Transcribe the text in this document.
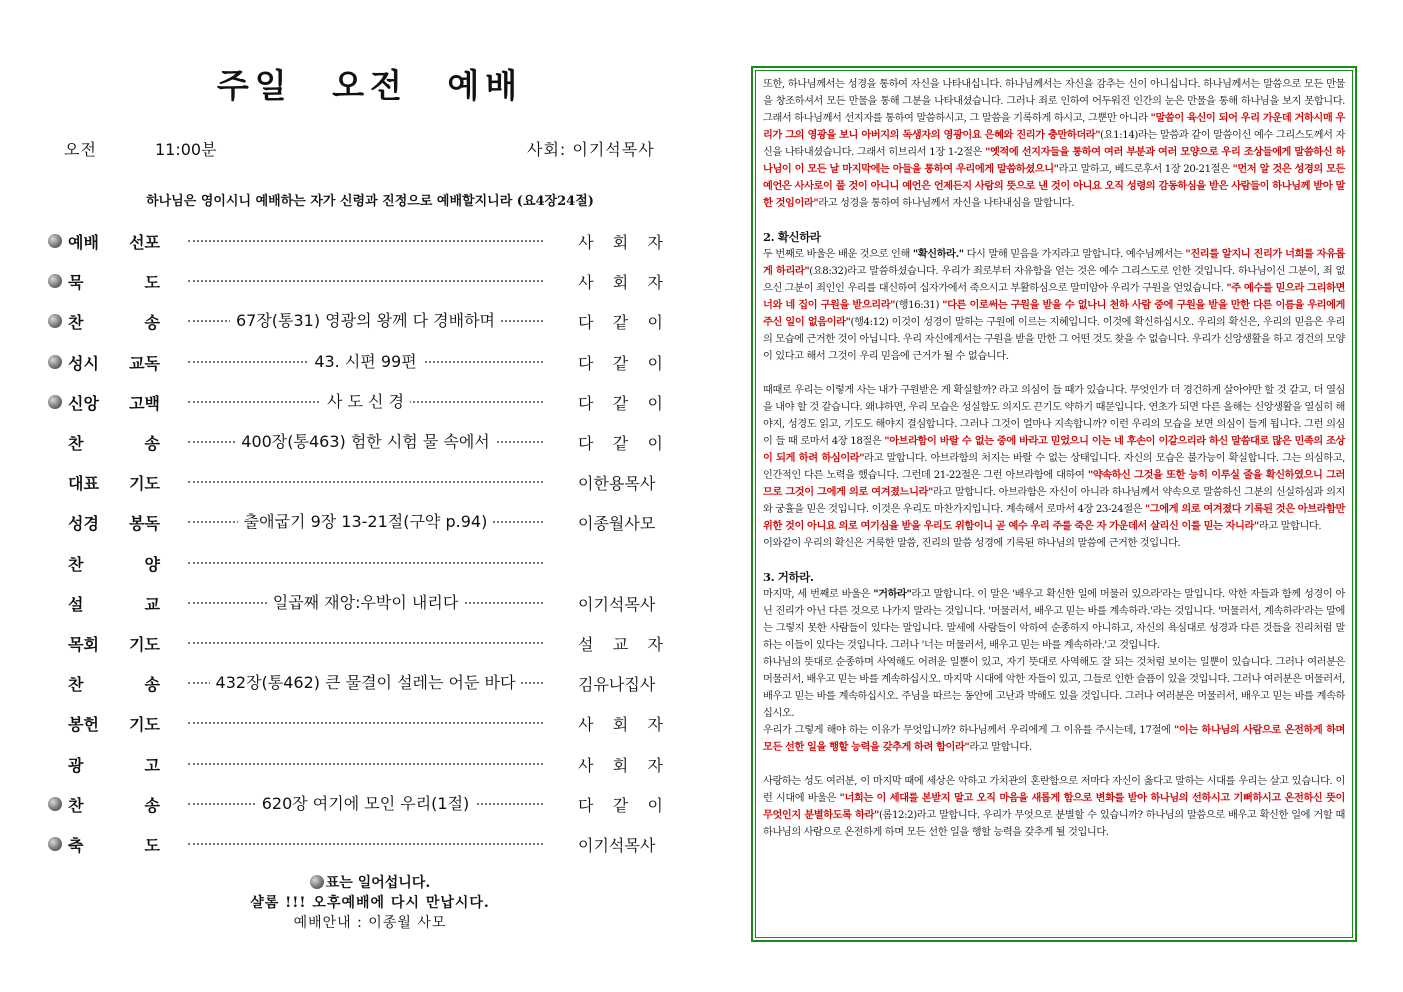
주일 오전 예배
오전	11:00분	사회: 이기석목사
하나님은 영이시니 예배하는 자가 신령과 진정으로 예배할지니라 (요4장24절)
예배 선포	사 회 자
묵	도	사 회 자
찬	송	67장(통31) 영광의 왕께 다 경배하며	다 같 이
성시 교독	43. 시편 99편	다 같 이
신앙 고백	사 도 신 경	다 같 이
찬	송	400장(통463) 험한 시험 물 속에서	다 같 이
대표 기도	이한용목사
성경 봉독	출애굽기 9장 13-21절(구약 p.94)	이종월사모
찬	양
설	교	일곱째 재앙:우박이 내리다	이기석목사
목회 기도	설 교 자
찬	송	432장(통462) 큰 물결이 설레는 어둔 바다	김유나집사
봉헌 기도	사 회 자
광	고	사 회 자
찬	송	620장 여기에 모인 우리(1절)	다 같 이
축	도	이기석목사
표는 일어섭니다.
샬롬 !!! 오후예배에 다시 만납시다.
예배안내 : 이종월 사모

또한, 하나님께서는 성경을 통하여 자신을 나타내십니다. 하나님께서는 자신을 감추는 신이 아니십니다. 하나님께서는 말씀으로 모든 만물을 창조하셔서 모든 만물을 통해 그분을 나타내셨습니다. 그러나 죄로 인하여 어두워진 인간의 눈은 만물을 통해 하나님을 보지 못합니다. 그래서 하나님께서 선지자를 통하여 말씀하시고, 그 말씀을 기록하게 하시고, 그뿐만 아니라 "말씀이 육신이 되어 우리 가운데 거하시매 우리가 그의 영광을 보니 아버지의 독생자의 영광이요 은혜와 진리가 충만하더라"(요1:14)라는 말씀과 같이 말씀이신 예수 그리스도께서 자신을 나타내셨습니다. 그래서 히브리서 1장 1-2절은 "옛적에 선지자들을 통하여 여러 부분과 여러 모양으로 우리 조상들에게 말씀하신 하나님이 이 모든 날 마지막에는 아들을 통하여 우리에게 말씀하셨으니"라고 말하고, 베드로후서 1장 20-21절은 "먼저 알 것은 성경의 모든 예언은 사사로이 풀 것이 아니니 예언은 언제든지 사람의 뜻으로 낸 것이 아니요 오직 성령의 감동하심을 받은 사람들이 하나님께 받아 말한 것임이라"라고 성경을 통하여 하나님께서 자신을 나타내심을 말합니다.

2. 확신하라

두 번째로 바울은 배운 것으로 인해 "확신하라." 다시 말해 믿음을 가지라고 말합니다. 예수님께서는 "진리를 알지니 진리가 너희를 자유롭게 하리라"(요8:32)라고 말씀하셨습니다. 우리가 죄로부터 자유함을 얻는 것은 예수 그리스도로 인한 것입니다. 하나님이신 그분이, 죄 없으신 그분이 죄인인 우리를 대신하여 십자가에서 죽으시고 부활하심으로 말미암아 우리가 구원을 얻었습니다. "주 예수를 믿으라 그리하면 너와 네 집이 구원을 받으리라"(행16:31) "다른 이로써는 구원을 받을 수 없나니 천하 사람 중에 구원을 받을 만한 다른 이름을 우리에게 주신 일이 없음이라"(행4:12) 이것이 성경이 말하는 구원에 이르는 지혜입니다. 이것에 확신하십시오. 우리의 확신은, 우리의 믿음은 우리의 모습에 근거한 것이 아닙니다. 우리 자신에게서는 구원을 받을 만한 그 어떤 것도 찾을 수 없습니다. 우리가 신앙생활을 하고 경건의 모양이 있다고 해서 그것이 우리 믿음에 근거가 될 수 없습니다.

때때로 우리는 이렇게 사는 내가 구원받은 게 확실할까? 라고 의심이 들 때가 있습니다. 무엇인가 더 경건하게 살아야만 할 것 같고, 더 열심을 내야 할 것 같습니다. 왜냐하면, 우리 모습은 성실함도 의지도 끈기도 약하기 때문입니다. 연초가 되면 다른 올해는 신앙생활을 열심히 해야지, 성경도 읽고, 기도도 해야지 결심합니다. 그러나 그것이 얼마나 지속합니까? 이런 우리의 모습을 보면 의심이 들게 됩니다. 그런 의심이 들 때 로마서 4장 18절은 "아브라함이 바랄 수 없는 중에 바라고 믿었으니 이는 네 후손이 이같으리라 하신 말씀대로 많은 민족의 조상이 되게 하려 하심이라"라고 말합니다. 아브라함의 처지는 바랄 수 없는 상태입니다. 자신의 모습은 불가능이 확실합니다. 그는 의심하고, 인간적인 다른 노력을 했습니다. 그런데 21-22절은 그런 아브라함에 대하여 "약속하신 그것을 또한 능히 이루실 줄을 확신하였으니 그러므로 그것이 그에게 의로 여겨졌느니라"라고 말합니다. 아브라함은 자신이 아니라 하나님께서 약속으로 말씀하신 그분의 신실하심과 의지와 궁휼을 믿은 것입니다. 이것은 우리도 마찬가지입니다. 계속해서 로마서 4장 23-24절은 "그에게 의로 여겨졌다 기록된 것은 아브라함만 위한 것이 아니요 의로 여기심을 받을 우리도 위함이니 곧 예수 우리 주를 죽은 자 가운데서 살리신 이를 믿는 자니라"라고 말합니다.

이와같이 우리의 확신은 거룩한 말씀, 진리의 말씀 성경에 기록된 하나님의 말씀에 근거한 것입니다.

3. 거하라.

마지막, 세 번째로 바울은 "거하라"라고 말합니다. 이 말은 '배우고 확신한 일에 머물러 있으라'라는 말입니다. 악한 자들과 함께 성경이 아닌 진리가 아닌 다른 것으로 나가지 말라는 것입니다. '머물러서, 배우고 믿는 바를 계속하라.'라는 것입니다. '머물러서, 계속하라'라는 말에는 그렇지 못한 사람들이 있다는 말입니다. 말세에 사람들이 악하여 순종하지 아니하고, 자신의 욕심대로 성경과 다른 것들을 진리처럼 말하는 이들이 있다는 것입니다. 그러나 '너는 머물러서, 배우고 믿는 바를 계속하라.'고 것입니다.

하나님의 뜻대로 순종하며 사역해도 어려운 일뿐이 있고, 자기 뜻대로 사역해도 잘 되는 것처럼 보이는 일뿐이 있습니다. 그러나 여러분은 머물러서, 배우고 믿는 바를 계속하십시오. 마지막 시대에 악한 자들이 있고, 그들로 인한 슬픔이 있을 것입니다. 그러나 여러분은 머물러서, 배우고 믿는 바를 계속하십시오. 주님을 따르는 동안에 고난과 박해도 있을 것입니다. 그러나 여러분은 머물러서, 배우고 믿는 바를 계속하십시오.

우리가 그렇게 해야 하는 이유가 무엇입니까? 하나님께서 우리에게 그 이유를 주시는데, 17절에 "이는 하나님의 사람으로 온전하게 하며 모든 선한 일을 행할 능력을 갖추게 하려 함이라"라고 말합니다.

사랑하는 성도 여러분, 이 마지막 때에 세상은 악하고 가치관의 혼란함으로 저마다 자신이 옳다고 말하는 시대를 우리는 살고 있습니다. 이런 시대에 바울은 "너희는 이 세대를 본받지 말고 오직 마음을 새롭게 함으로 변화를 받아 하나님의 선하시고 기뻐하시고 온전하신 뜻이 무엇인지 분별하도록 하라"(롬12:2)라고 말합니다. 우리가 무엇으로 분별할 수 있습니까? 하나님의 말씀으로 배우고 확신한 일에 거할 때 하나님의 사람으로 온전하게 하며 모든 선한 일을 행할 능력을 갖추게 될 것입니다.
